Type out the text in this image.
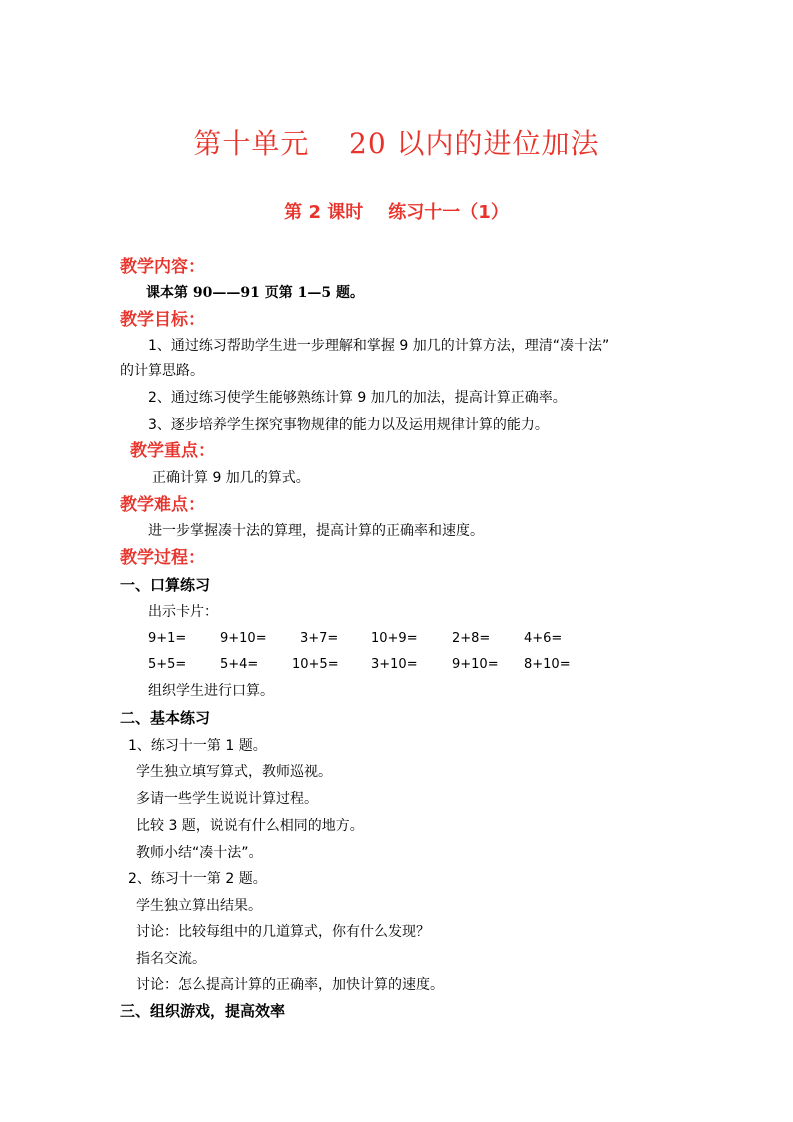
第十单元    20 以内的进位加法
第 2 课时    练习十一（1）
教学内容：
课本第 90——91 页第 1—5 题。
教学目标：
1、通过练习帮助学生进一步理解和掌握 9 加几的计算方法，理清“凑十法”
的计算思路。
2、通过练习使学生能够熟练计算 9 加几的加法，提高计算正确率。
3、逐步培养学生探究事物规律的能力以及运用规律计算的能力。
教学重点：
正确计算 9 加几的算式。
教学难点：
进一步掌握凑十法的算理，提高计算的正确率和速度。
教学过程：
一、口算练习
出示卡片：
9+1=	9+10=	3+7=	10+9=	2+8=	4+6=
5+5=	5+4=	10+5= 3+10=	9+10= 8+10=
组织学生进行口算。
二、基本练习
1、练习十一第 1 题。
学生独立填写算式，教师巡视。
多请一些学生说说计算过程。
比较 3 题，说说有什么相同的地方。
教师小结“凑十法”。
2、练习十一第 2 题。
学生独立算出结果。
讨论：比较每组中的几道算式，你有什么发现？
指名交流。
讨论：怎么提高计算的正确率，加快计算的速度。
三、组织游戏，提高效率
